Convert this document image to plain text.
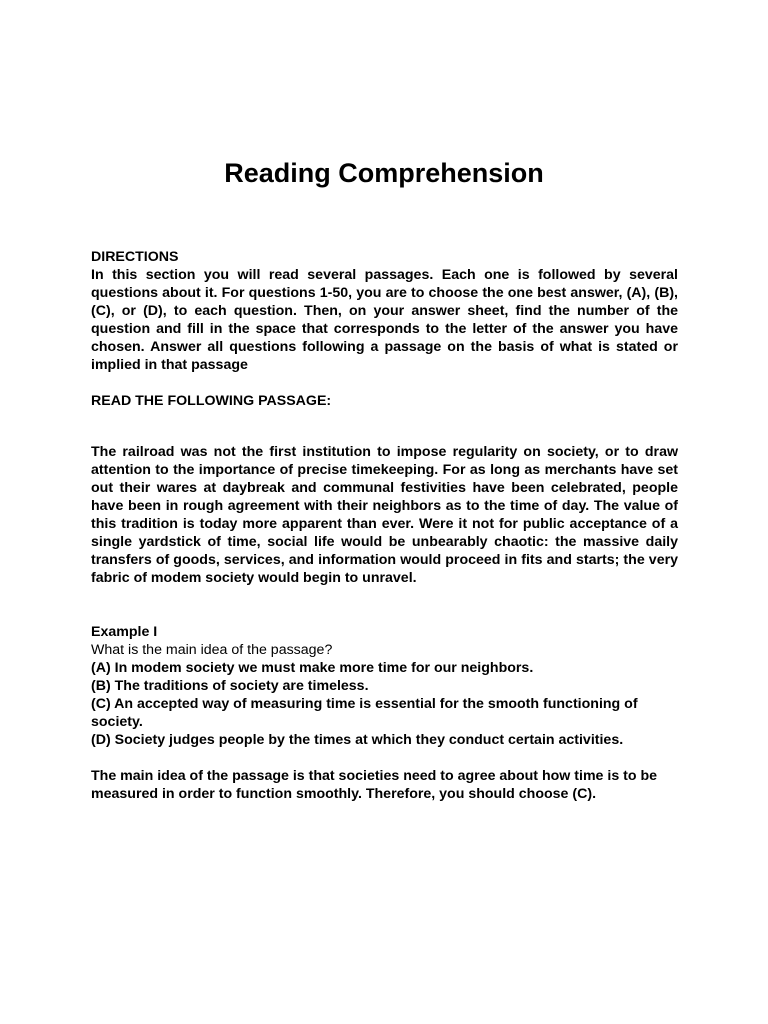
Reading Comprehension

DIRECTIONS

In this section you will read several passages. Each one is followed by several questions about it. For questions 1-50, you are to choose the one best answer, (A), (B), (C), or (D), to each question. Then, on your answer sheet, find the number of the question and fill in the space that corresponds to the letter of the answer you have chosen. Answer all questions following a passage on the basis of what is stated or implied in that passage

READ THE FOLLOWING PASSAGE:

The railroad was not the first institution to impose regularity on society, or to draw attention to the importance of precise timekeeping. For as long as merchants have set out their wares at daybreak and communal festivities have been celebrated, people have been in rough agreement with their neighbors as to the time of day. The value of this tradition is today more apparent than ever. Were it not for public acceptance of a single yardstick of time, social life would be unbearably chaotic: the massive daily transfers of goods, services, and information would proceed in fits and starts; the very fabric of modem society would begin to unravel.

Example I

What is the main idea of the passage?

(A) In modem society we must make more time for our neighbors.

(B) The traditions of society are timeless.

(C) An accepted way of measuring time is essential for the smooth functioning of society.

(D) Society judges people by the times at which they conduct certain activities.

The main idea of the passage is that societies need to agree about how time is to be measured in order to function smoothly. Therefore, you should choose (C).
